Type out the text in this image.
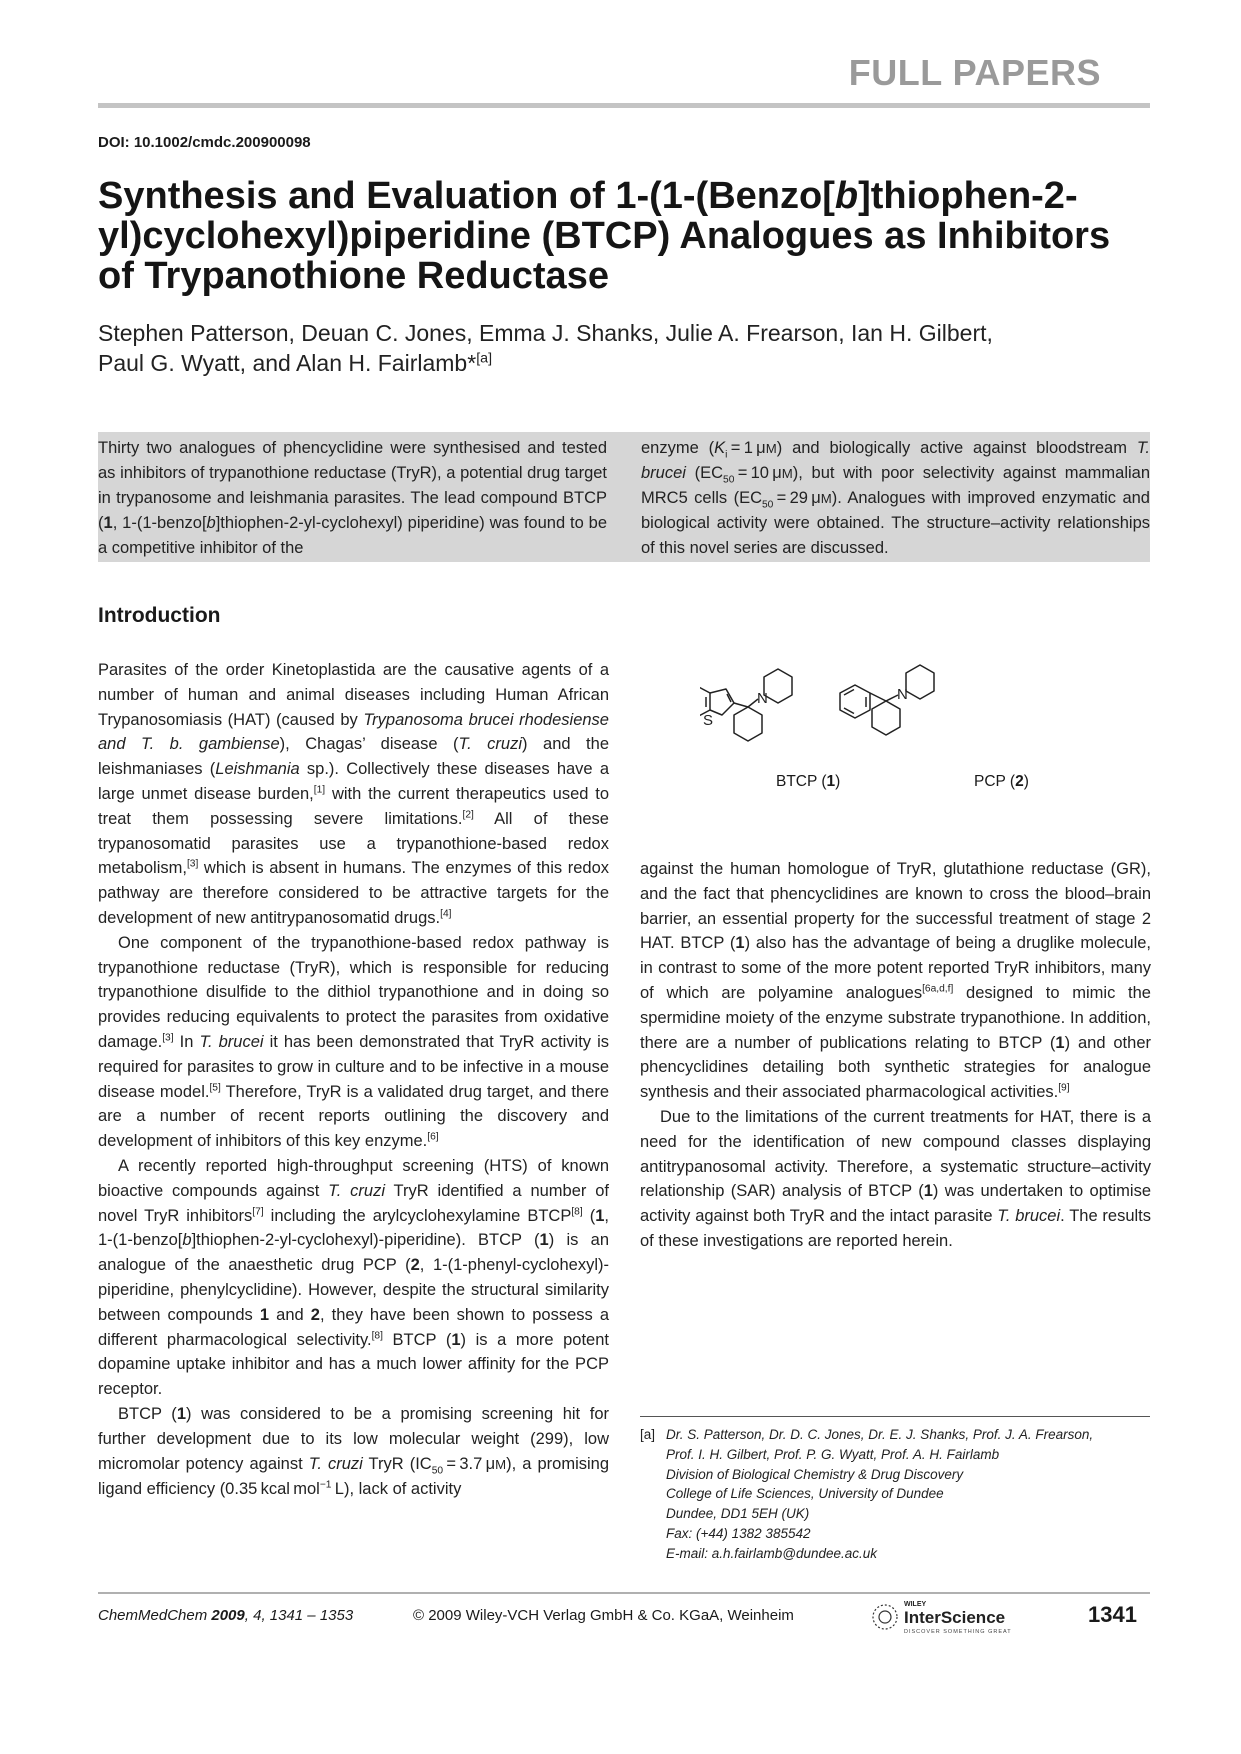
FULL PAPERS
DOI: 10.1002/cmdc.200900098
Synthesis and Evaluation of 1-(1-(Benzo[b]thiophen-2-
yl)cyclohexyl)piperidine (BTCP) Analogues as Inhibitors
of Trypanothione Reductase
Stephen Patterson, Deuan C. Jones, Emma J. Shanks, Julie A. Frearson, Ian H. Gilbert,
Paul G. Wyatt, and Alan H. Fairlamb*[a]
Thirty two analogues of phencyclidine were synthesised and tested as inhibitors of trypanothione reductase (TryR), a potential drug target in trypanosome and leishmania parasites. The lead compound BTCP (1, 1-(1-benzo[b]thiophen-2-yl-cyclohexyl) piperidine) was found to be a competitive inhibitor of the
enzyme ($K_i = 1$ μM) and biologically active against bloodstream T. brucei ($EC_{50} = 10$ μM), but with poor selectivity against mammalian MRC5 cells ($EC_{50} = 29$ μM). Analogues with improved enzymatic and biological activity were obtained. The structure–activity relationships of this novel series are discussed.
Introduction

Parasites of the order Kinetoplastida are the causative agents of a number of human and animal diseases including Human African Trypanosomiasis (HAT) (caused by Trypanosoma brucei rhodesiense and T. b. gambiense), Chagas’ disease (T. cruzi) and the leishmaniases (Leishmania sp.). Collectively these diseases have a large unmet disease burden,[1] with the current therapeutics used to treat them possessing severe limitations.[2] All of these trypanosomatid parasites use a trypanothione-based redox metabolism,[3] which is absent in humans. The enzymes of this redox pathway are therefore considered to be attractive targets for the development of new antitrypanosomatid drugs.[4]

One component of the trypanothione-based redox pathway is trypanothione reductase (TryR), which is responsible for reducing trypanothione disulfide to the dithiol trypanothione and in doing so provides reducing equivalents to protect the parasites from oxidative damage.[3] In T. brucei it has been demonstrated that TryR activity is required for parasites to grow in culture and to be infective in a mouse disease model.[5] Therefore, TryR is a validated drug target, and there are a number of recent reports outlining the discovery and development of inhibitors of this key enzyme.[6]

A recently reported high-throughput screening (HTS) of known bioactive compounds against T. cruzi TryR identified a number of novel TryR inhibitors[7] including the arylcyclohexylamine BTCP[8] (1, 1-(1-benzo[b]thiophen-2-yl-cyclohexyl)-piperidine). BTCP (1) is an analogue of the anaesthetic drug PCP (2, 1-(1-phenyl-cyclohexyl)-piperidine, phenylcyclidine). However, despite the structural similarity between compounds 1 and 2, they have been shown to possess a different pharmacological selectivity.[8] BTCP (1) is a more potent dopamine uptake inhibitor and has a much lower affinity for the PCP receptor.

BTCP (1) was considered to be a promising screening hit for further development due to its low molecular weight (299), low micromolar potency against T. cruzi TryR ($IC_{50} = 3.7$ μM), a promising ligand efficiency (0.35 kcal mol$^{-1}$ L), lack of activity

S
N	N
BTCP (1)	PCP (2)

against the human homologue of TryR, glutathione reductase (GR), and the fact that phencyclidines are known to cross the blood–brain barrier, an essential property for the successful treatment of stage 2 HAT. BTCP (1) also has the advantage of being a druglike molecule, in contrast to some of the more potent reported TryR inhibitors, many of which are polyamine analogues[6a,d,f] designed to mimic the spermidine moiety of the enzyme substrate trypanothione. In addition, there are a number of publications relating to BTCP (1) and other phencyclidines detailing both synthetic strategies for analogue synthesis and their associated pharmacological activities.[9]

Due to the limitations of the current treatments for HAT, there is a need for the identification of new compound classes displaying antitrypanosomal activity. Therefore, a systematic structure–activity relationship (SAR) analysis of BTCP (1) was undertaken to optimise activity against both TryR and the intact parasite T. brucei. The results of these investigations are reported herein.

[a] Dr. S. Patterson, Dr. D. C. Jones, Dr. E. J. Shanks, Prof. J. A. Frearson,
Prof. I. H. Gilbert, Prof. P. G. Wyatt, Prof. A. H. Fairlamb
Division of Biological Chemistry & Drug Discovery
College of Life Sciences, University of Dundee
Dundee, DD1 5EH (UK)
Fax: (+44) 1382 385542
E-mail: a.h.fairlamb@dundee.ac.uk
ChemMedChem 2009, 4, 1341 – 1353	© 2009 Wiley-VCH Verlag GmbH & Co. KGaA, Weinheim
WILEY
InterScience
DISCOVER SOMETHING GREAT
1341
